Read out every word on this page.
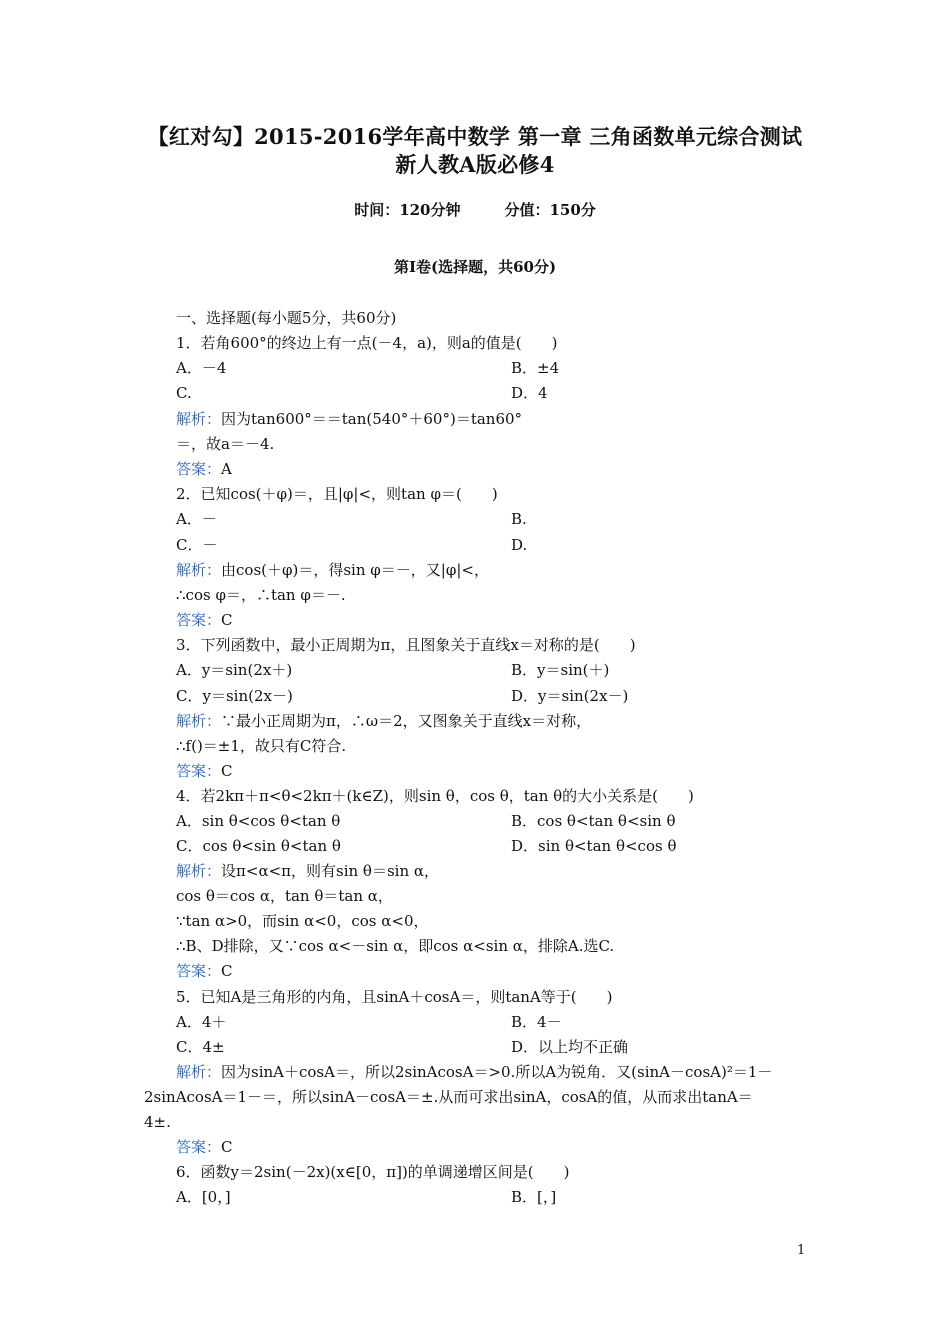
【红对勾】2015-2016学年高中数学 第一章 三角函数单元综合测试
新人教A版必修4
时间：120分钟	分值：150分
第Ⅰ卷(选择题，共60分)
一、选择题(每小题5分，共60分)
1．若角600°的终边上有一点(－4，a)，则a的值是(　　)
A．－4	B．±4
C.	D．4
解析：因为tan600°＝＝tan(540°＋60°)＝tan60°
＝，故a＝－4.
答案：A
2．已知cos(＋φ)＝，且|φ|<，则tan φ＝(　　)
A．－	B.
C．－	D.
解析：由cos(＋φ)＝，得sin φ＝－，又|φ|<，
∴cos φ＝，∴tan φ＝－.
答案：C
3．下列函数中，最小正周期为π，且图象关于直线x＝对称的是(　　)
A．y＝sin(2x＋)	B．y＝sin(＋)
C．y＝sin(2x－)	D．y＝sin(2x－)
解析：∵最小正周期为π，∴ω＝2，又图象关于直线x＝对称，
∴f()＝±1，故只有C符合.
答案：C
4．若2kπ＋π<θ<2kπ＋(k∈Z)，则sin θ，cos θ，tan θ的大小关系是(　　)
A．sin θ<cos θ<tan θ	B．cos θ<tan θ<sin θ
C．cos θ<sin θ<tan θ	D．sin θ<tan θ<cos θ
解析：设π<α<π，则有sin θ＝sin α，
cos θ＝cos α，tan θ＝tan α，
∵tan α>0，而sin α<0，cos α<0，
∴B、D排除，又∵cos α<－sin α，即cos α<sin α，排除A.选C.
答案：C
5．已知A是三角形的内角，且sinA＋cosA＝，则tanA等于(　　)
A．4＋	B．4－
C．4±	D．以上均不正确
解析：因为sinA＋cosA＝，所以2sinAcosA＝>0.所以A为锐角．又(sinA－cosA)²＝1－
2sinAcosA＝1－＝，所以sinA－cosA＝±.从而可求出sinA，cosA的值，从而求出tanA＝
4±.
答案：C
6．函数y＝2sin(－2x)(x∈[0，π])的单调递增区间是(　　)
A．[0，]	B．[，]
1
